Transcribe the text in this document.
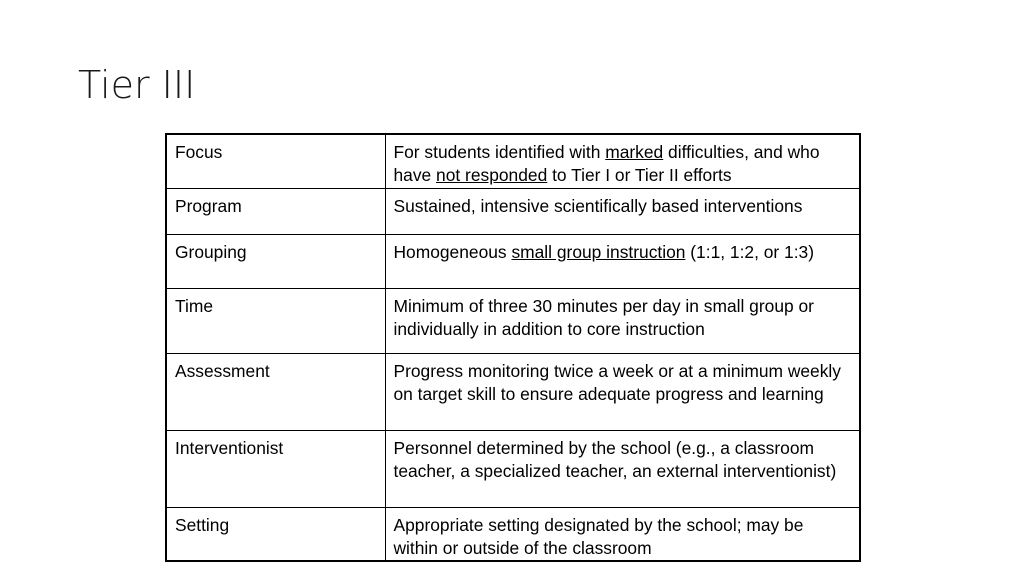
Tier III
Focus	For students identified with marked difficulties, and who have not responded to Tier I or Tier II efforts
Program	Sustained, intensive scientifically based interventions
Grouping	Homogeneous small group instruction (1:1, 1:2, or 1:3)
Time	Minimum of three 30 minutes per day in small group or individually in addition to core instruction
Assessment	Progress monitoring twice a week or at a minimum weekly on target skill to ensure adequate progress and learning
Interventionist	Personnel determined by the school (e.g., a classroom teacher, a specialized teacher, an external interventionist)
Setting	Appropriate setting designated by the school; may be within or outside of the classroom
